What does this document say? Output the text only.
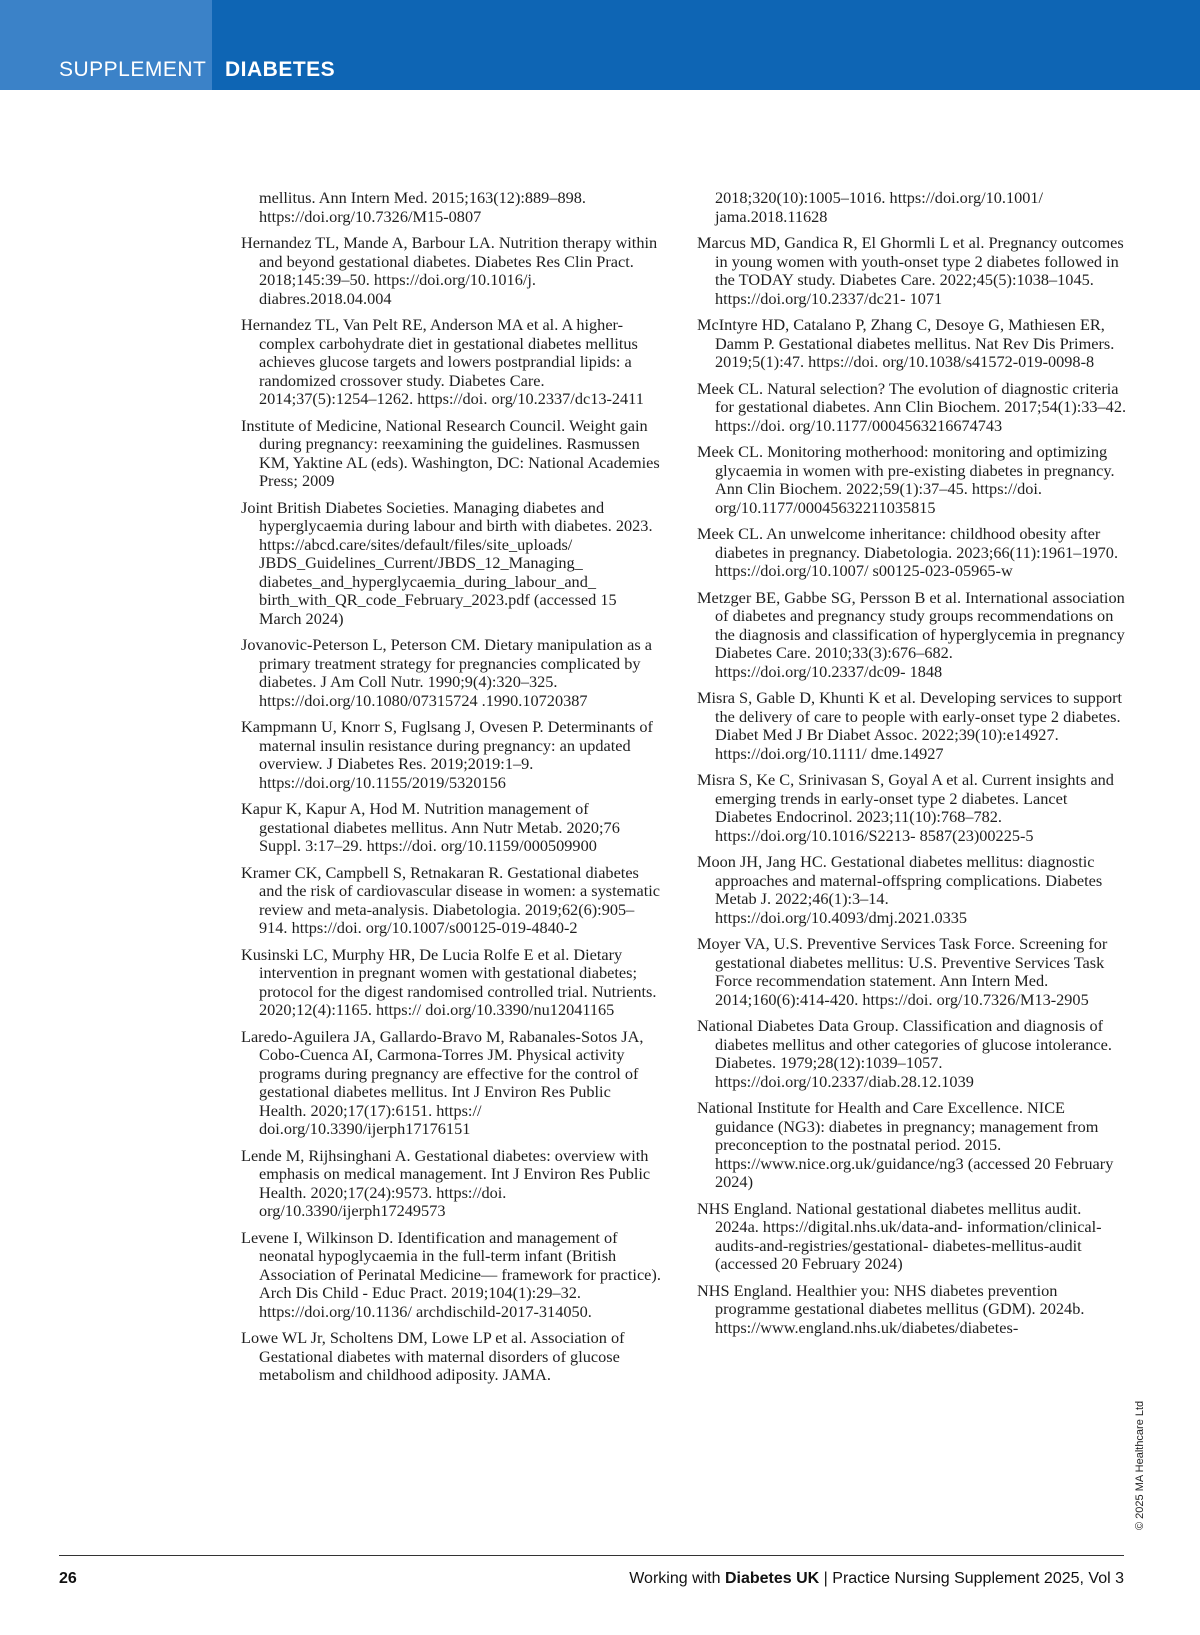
SUPPLEMENT DIABETES

mellitus. Ann Intern Med. 2015;163(12):889–898. https://doi.org/10.7326/M15-0807

Hernandez TL, Mande A, Barbour LA. Nutrition therapy within and beyond gestational diabetes. Diabetes Res Clin Pract. 2018;145:39–50. https://doi.org/10.1016/j. diabres.2018.04.004

Hernandez TL, Van Pelt RE, Anderson MA et al. A higher-complex carbohydrate diet in gestational diabetes mellitus achieves glucose targets and lowers postprandial lipids: a randomized crossover study. Diabetes Care. 2014;37(5):1254–1262. https://doi. org/10.2337/dc13-2411

Institute of Medicine, National Research Council. Weight gain during pregnancy: reexamining the guidelines. Rasmussen KM, Yaktine AL (eds). Washington, DC: National Academies Press; 2009

Joint British Diabetes Societies. Managing diabetes and hyperglycaemia during labour and birth with diabetes. 2023. https://abcd.care/sites/default/files/site_uploads/ JBDS_Guidelines_Current/JBDS_12_Managing_ diabetes_and_hyperglycaemia_during_labour_and_ birth_with_QR_code_February_2023.pdf (accessed 15 March 2024)

Jovanovic-Peterson L, Peterson CM. Dietary manipulation as a primary treatment strategy for pregnancies complicated by diabetes. J Am Coll Nutr. 1990;9(4):320–325. https://doi.org/10.1080/07315724 .1990.10720387

Kampmann U, Knorr S, Fuglsang J, Ovesen P. Determinants of maternal insulin resistance during pregnancy: an updated overview. J Diabetes Res. 2019;2019:1–9. https://doi.org/10.1155/2019/5320156

Kapur K, Kapur A, Hod M. Nutrition management of gestational diabetes mellitus. Ann Nutr Metab. 2020;76 Suppl. 3:17–29. https://doi. org/10.1159/000509900

Kramer CK, Campbell S, Retnakaran R. Gestational diabetes and the risk of cardiovascular disease in women: a systematic review and meta-analysis. Diabetologia. 2019;62(6):905–914. https://doi. org/10.1007/s00125-019-4840-2

Kusinski LC, Murphy HR, De Lucia Rolfe E et al. Dietary intervention in pregnant women with gestational diabetes; protocol for the digest randomised controlled trial. Nutrients. 2020;12(4):1165. https:// doi.org/10.3390/nu12041165

Laredo-Aguilera JA, Gallardo-Bravo M, Rabanales-Sotos JA, Cobo-Cuenca AI, Carmona-Torres JM. Physical activity programs during pregnancy are effective for the control of gestational diabetes mellitus. Int J Environ Res Public Health. 2020;17(17):6151. https:// doi.org/10.3390/ijerph17176151

Lende M, Rijhsinghani A. Gestational diabetes: overview with emphasis on medical management. Int J Environ Res Public Health. 2020;17(24):9573. https://doi. org/10.3390/ijerph17249573

Levene I, Wilkinson D. Identification and management of neonatal hypoglycaemia in the full-term infant (British Association of Perinatal Medicine— framework for practice). Arch Dis Child - Educ Pract. 2019;104(1):29–32. https://doi.org/10.1136/ archdischild-2017-314050.

Lowe WL Jr, Scholtens DM, Lowe LP et al. Association of Gestational diabetes with maternal disorders of glucose metabolism and childhood adiposity. JAMA.

2018;320(10):1005–1016. https://doi.org/10.1001/ jama.2018.11628

Marcus MD, Gandica R, El Ghormli L et al. Pregnancy outcomes in young women with youth-onset type 2 diabetes followed in the TODAY study. Diabetes Care. 2022;45(5):1038–1045. https://doi.org/10.2337/dc21- 1071

McIntyre HD, Catalano P, Zhang C, Desoye G, Mathiesen ER, Damm P. Gestational diabetes mellitus. Nat Rev Dis Primers. 2019;5(1):47. https://doi. org/10.1038/s41572-019-0098-8

Meek CL. Natural selection? The evolution of diagnostic criteria for gestational diabetes. Ann Clin Biochem. 2017;54(1):33–42. https://doi. org/10.1177/0004563216674743

Meek CL. Monitoring motherhood: monitoring and optimizing glycaemia in women with pre-existing diabetes in pregnancy. Ann Clin Biochem. 2022;59(1):37–45. https://doi. org/10.1177/00045632211035815

Meek CL. An unwelcome inheritance: childhood obesity after diabetes in pregnancy. Diabetologia. 2023;66(11):1961–1970. https://doi.org/10.1007/ s00125-023-05965-w

Metzger BE, Gabbe SG, Persson B et al. International association of diabetes and pregnancy study groups recommendations on the diagnosis and classification of hyperglycemia in pregnancy Diabetes Care. 2010;33(3):676–682. https://doi.org/10.2337/dc09- 1848

Misra S, Gable D, Khunti K et al. Developing services to support the delivery of care to people with early-onset type 2 diabetes. Diabet Med J Br Diabet Assoc. 2022;39(10):e14927. https://doi.org/10.1111/ dme.14927

Misra S, Ke C, Srinivasan S, Goyal A et al. Current insights and emerging trends in early-onset type 2 diabetes. Lancet Diabetes Endocrinol. 2023;11(10):768–782. https://doi.org/10.1016/S2213- 8587(23)00225-5

Moon JH, Jang HC. Gestational diabetes mellitus: diagnostic approaches and maternal-offspring complications. Diabetes Metab J. 2022;46(1):3–14. https://doi.org/10.4093/dmj.2021.0335

Moyer VA, U.S. Preventive Services Task Force. Screening for gestational diabetes mellitus: U.S. Preventive Services Task Force recommendation statement. Ann Intern Med. 2014;160(6):414-420. https://doi. org/10.7326/M13-2905

National Diabetes Data Group. Classification and diagnosis of diabetes mellitus and other categories of glucose intolerance. Diabetes. 1979;28(12):1039–1057. https://doi.org/10.2337/diab.28.12.1039

National Institute for Health and Care Excellence. NICE guidance (NG3): diabetes in pregnancy; management from preconception to the postnatal period. 2015. https://www.nice.org.uk/guidance/ng3 (accessed 20 February 2024)

NHS England. National gestational diabetes mellitus audit. 2024a. https://digital.nhs.uk/data-and- information/clinical-audits-and-registries/gestational- diabetes-mellitus-audit (accessed 20 February 2024)

NHS England. Healthier you: NHS diabetes prevention programme gestational diabetes mellitus (GDM). 2024b. https://www.england.nhs.uk/diabetes/diabetes-

© 2025 MA Healthcare Ltd
26	Working with Diabetes UK | Practice Nursing Supplement 2025, Vol 3
